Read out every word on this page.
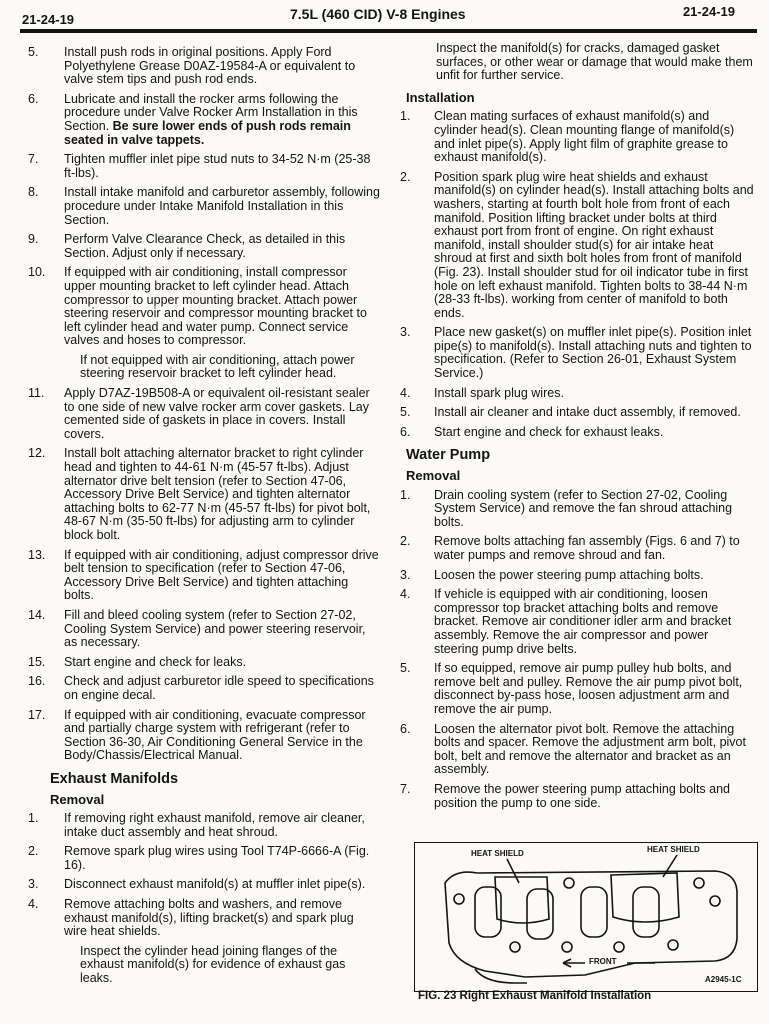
21-24-19	7.5L (460 CID) V-8 Engines	21-24-19
5. Install push rods in original positions. Apply Ford Polyethylene Grease D0AZ-19584-A or equivalent to valve stem tips and push rod ends.
6. Lubricate and install the rocker arms following the procedure under Valve Rocker Arm Installation in this Section. Be sure lower ends of push rods remain seated in valve tappets.
7. Tighten muffler inlet pipe stud nuts to 34-52 N·m (25-38 ft-lbs).
8. Install intake manifold and carburetor assembly, following procedure under Intake Manifold Installation in this Section.
9. Perform Valve Clearance Check, as detailed in this Section. Adjust only if necessary.
10. If equipped with air conditioning, install compressor upper mounting bracket to left cylinder head. Attach compressor to upper mounting bracket. Attach power steering reservoir and compressor mounting bracket to left cylinder head and water pump. Connect service valves and hoses to compressor.

If not equipped with air conditioning, attach power steering reservoir bracket to left cylinder head.

11. Apply D7AZ-19B508-A or equivalent oil-resistant sealer to one side of new valve rocker arm cover gaskets. Lay cemented side of gaskets in place in covers. Install covers.
12. Install bolt attaching alternator bracket to right cylinder head and tighten to 44-61 N·m (45-57 ft-lbs). Adjust alternator drive belt tension (refer to Section 47-06, Accessory Drive Belt Service) and tighten alternator attaching bolts to 62-77 N·m (45-57 ft-lbs) for pivot bolt, 48-67 N·m (35-50 ft-lbs) for adjusting arm to cylinder block bolt.
13. If equipped with air conditioning, adjust compressor drive belt tension to specification (refer to Section 47-06, Accessory Drive Belt Service) and tighten attaching bolts.
14. Fill and bleed cooling system (refer to Section 27-02, Cooling System Service) and power steering reservoir, as necessary.
15. Start engine and check for leaks.
16. Check and adjust carburetor idle speed to specifications on engine decal.
17. If equipped with air conditioning, evacuate compressor and partially charge system with refrigerant (refer to Section 36-30, Air Conditioning General Service in the Body/Chassis/Electrical Manual.
Exhaust Manifolds
Removal
1. If removing right exhaust manifold, remove air cleaner, intake duct assembly and heat shroud.
2. Remove spark plug wires using Tool T74P-6666-A (Fig. 16).
3. Disconnect exhaust manifold(s) at muffler inlet pipe(s).
4. Remove attaching bolts and washers, and remove exhaust manifold(s), lifting bracket(s) and spark plug wire heat shields.

Inspect the cylinder head joining flanges of the exhaust manifold(s) for evidence of exhaust gas leaks.

Inspect the manifold(s) for cracks, damaged gasket surfaces, or other wear or damage that would make them unfit for further service.

Installation
1. Clean mating surfaces of exhaust manifold(s) and cylinder head(s). Clean mounting flange of manifold(s) and inlet pipe(s). Apply light film of graphite grease to exhaust manifold(s).
2. Position spark plug wire heat shields and exhaust manifold(s) on cylinder head(s). Install attaching bolts and washers, starting at fourth bolt hole from front of each manifold. Position lifting bracket under bolts at third exhaust port from front of engine. On right exhaust manifold, install shoulder stud(s) for air intake heat shroud at first and sixth bolt holes from front of manifold (Fig. 23). Install shoulder stud for oil indicator tube in first hole on left exhaust manifold. Tighten bolts to 38-44 N·m (28-33 ft-lbs). working from center of manifold to both ends.
3. Place new gasket(s) on muffler inlet pipe(s). Position inlet pipe(s) to manifold(s). Install attaching nuts and tighten to specification. (Refer to Section 26-01, Exhaust System Service.)
4. Install spark plug wires.
5. Install air cleaner and intake duct assembly, if removed.
6. Start engine and check for exhaust leaks.
Water Pump
Removal
1. Drain cooling system (refer to Section 27-02, Cooling System Service) and remove the fan shroud attaching bolts.
2. Remove bolts attaching fan assembly (Figs. 6 and 7) to water pumps and remove shroud and fan.
3. Loosen the power steering pump attaching bolts.
4. If vehicle is equipped with air conditioning, loosen compressor top bracket attaching bolts and remove bracket. Remove air conditioner idler arm and bracket assembly. Remove the air compressor and power steering pump drive belts.
5. If so equipped, remove air pump pulley hub bolts, and remove belt and pulley. Remove the air pump pivot bolt, disconnect by-pass hose, loosen adjustment arm and remove the air pump.
6. Loosen the alternator pivot bolt. Remove the attaching bolts and spacer. Remove the adjustment arm bolt, pivot bolt, belt and remove the alternator and bracket as an assembly.
7. Remove the power steering pump attaching bolts and position the pump to one side.
HEAT SHIELD	HEAT SHIELD
FRONT
A2945-1C
FIG. 23 Right Exhaust Manifold Installation
